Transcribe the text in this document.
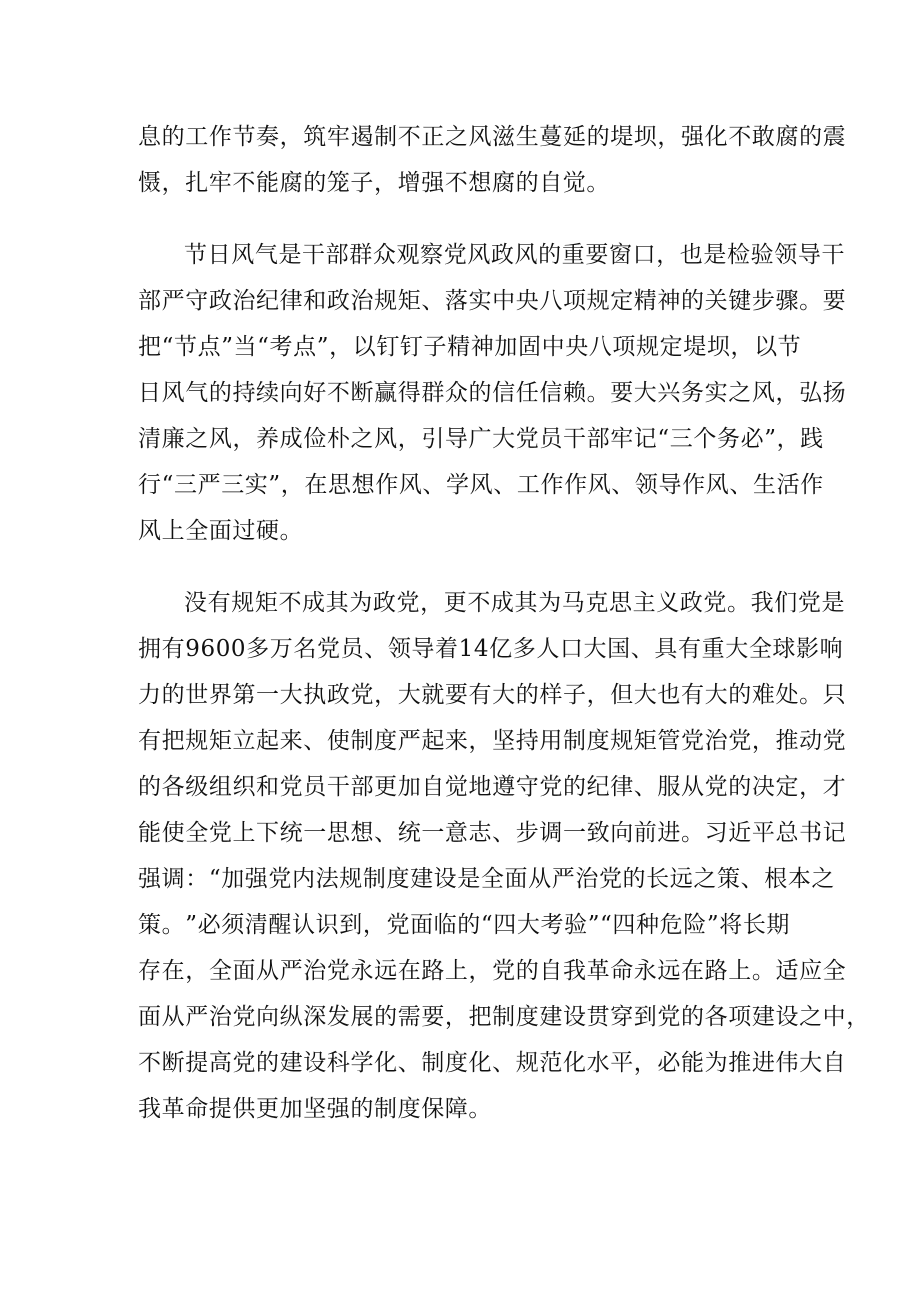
息 的 工 作 节 奏 ， 筑 牢 遏 制 不 正 之 风 滋 生 蔓 延 的 堤 坝 ， 强 化 不 敢 腐 的 震
慑，扎牢不能腐的笼子，增强不想腐的自觉。
节 日 风 气 是 干 部 群 众 观 察 党 风 政 风 的 重 要 窗 口 ， 也 是 检 验 领 导 干
部 严 守 政 治 纪 律 和 政 治 规 矩 、 落 实 中 央 八 项 规 定 精 神 的 关 键 步 骤 。 要
把 “ 节 点 ” 当 “ 考 点 ” ， 以 钉 钉 子 精 神 加 固 中 央 八 项 规 定 堤 坝 ， 以 节
日 风 气 的 持 续 向 好 不 断 赢 得 群 众 的 信 任 信 赖 。 要 大 兴 务 实 之 风 ， 弘 扬
清 廉 之 风 ， 养 成 俭 朴 之 风 ， 引 导 广 大 党 员 干 部 牢 记 “ 三 个 务 必 ” ， 践
行 “ 三 严 三 实 ” ， 在 思 想 作 风 、 学 风 、 工 作 作 风 、 领 导 作 风 、 生 活 作
风上全面过硬。
没 有 规 矩 不 成 其 为 政 党 ， 更 不 成 其 为 马 克 思 主 义 政 党 。 我 们 党 是
拥 有 9 6 0 0 多 万 名 党 员 、 领 导 着 1 4 亿 多 人 口 大 国 、 具 有 重 大 全 球 影 响
力 的 世 界 第 一 大 执 政 党 ， 大 就 要 有 大 的 样 子 ， 但 大 也 有 大 的 难 处 。 只
有 把 规 矩 立 起 来 、 使 制 度 严 起 来 ， 坚 持 用 制 度 规 矩 管 党 治 党 ， 推 动 党
的 各 级 组 织 和 党 员 干 部 更 加 自 觉 地 遵 守 党 的 纪 律 、 服 从 党 的 决 定 ， 才
能 使 全 党 上 下 统 一 思 想 、 统 一 意 志 、 步 调 一 致 向 前 进 。 习 近 平 总 书 记
强 调 ： “ 加 强 党 内 法 规 制 度 建 设 是 全 面 从 严 治 党 的 长 远 之 策 、 根 本 之
策 。 ” 必 须 清 醒 认 识 到 ， 党 面 临 的 “ 四 大 考 验 ” “ 四 种 危 险 ” 将 长 期
存 在 ， 全 面 从 严 治 党 永 远 在 路 上 ， 党 的 自 我 革 命 永 远 在 路 上 。 适 应 全
面 从 严 治 党 向 纵 深 发 展 的 需 要 ， 把 制 度 建 设 贯 穿 到 党 的 各 项 建 设 之 中 ，
不 断 提 高 党 的 建 设 科 学 化 、 制 度 化 、 规 范 化 水 平 ， 必 能 为 推 进 伟 大 自
我革命提供更加坚强的制度保障。
